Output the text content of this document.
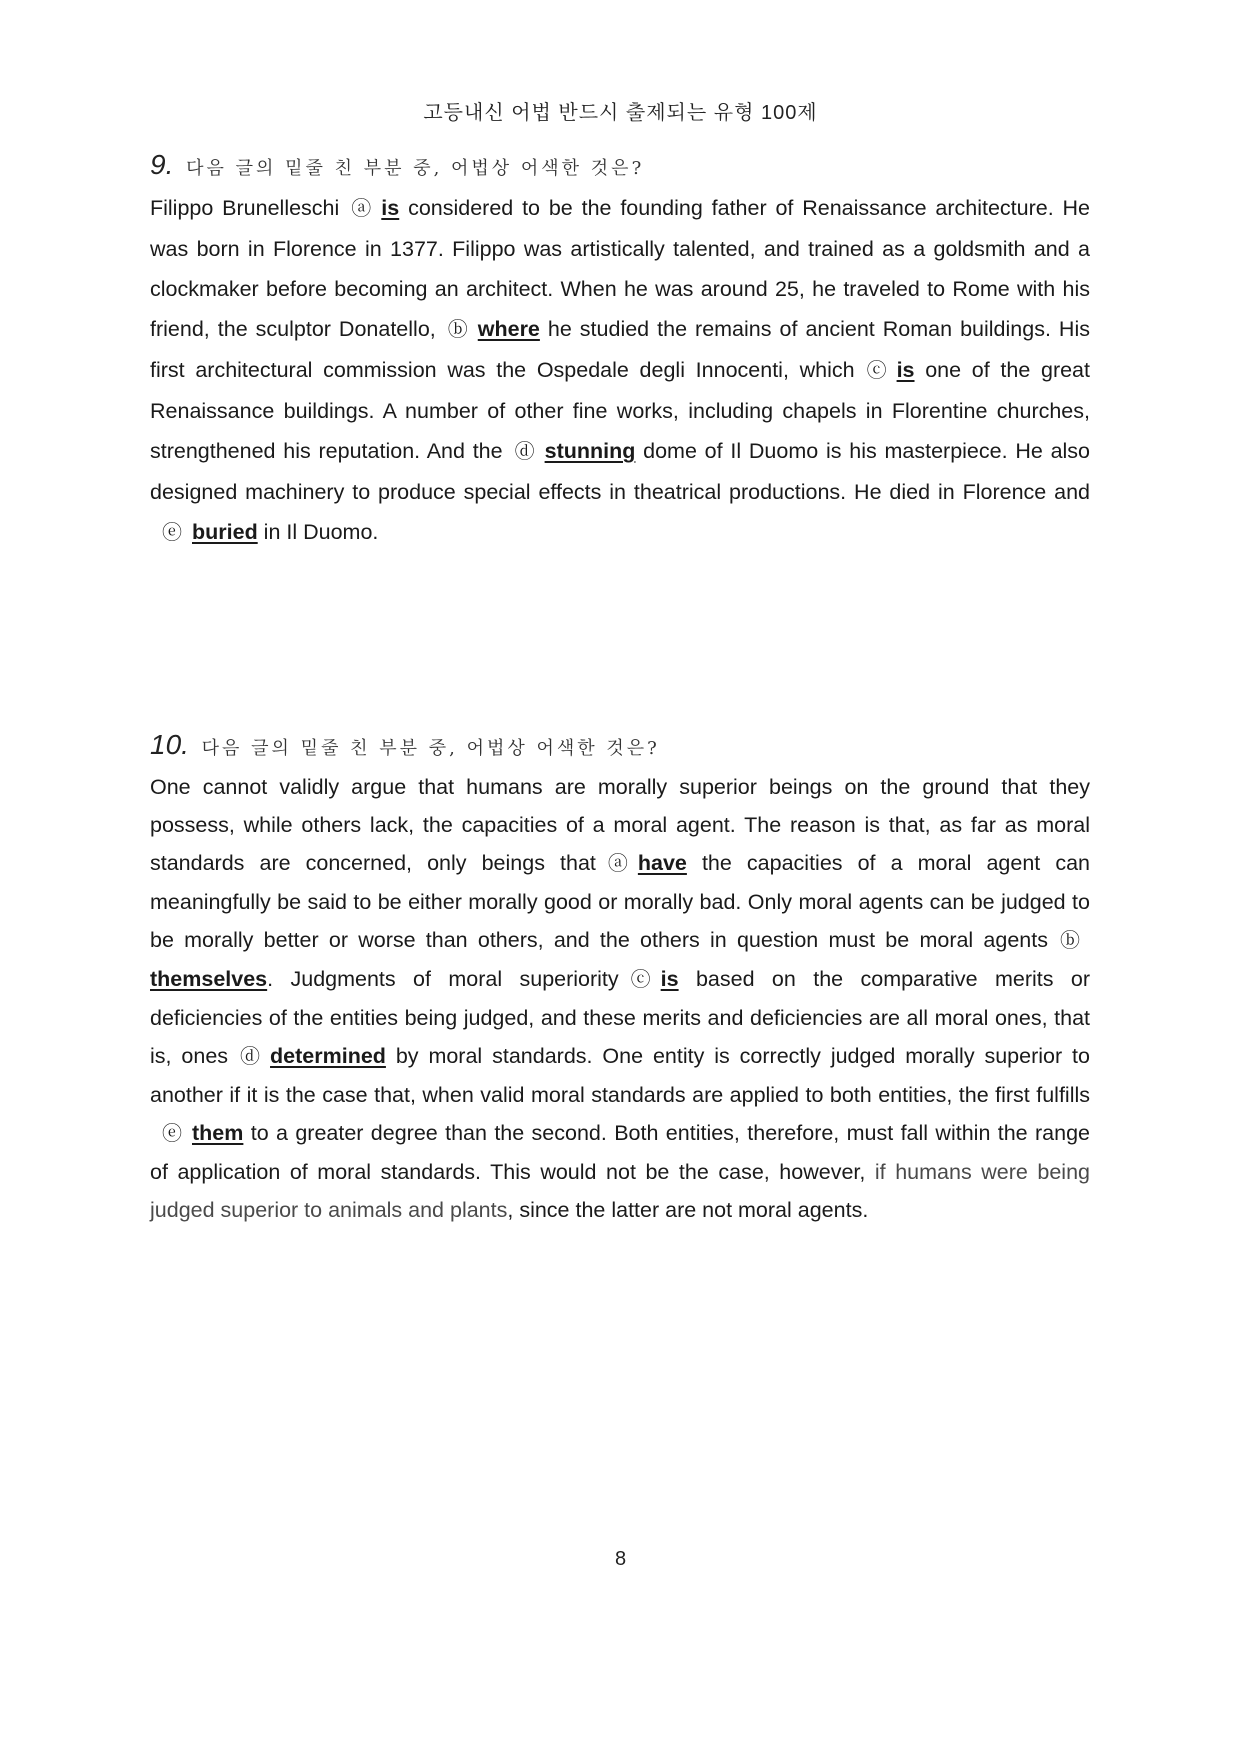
고등내신 어법 반드시 출제되는 유형 100제
9. 다음 글의 밑줄 친 부분 중, 어법상 어색한 것은?

Filippo Brunelleschi ⓐ is considered to be the founding father of Renaissance architecture. He was born in Florence in 1377. Filippo was artistically talented, and trained as a goldsmith and a clockmaker before becoming an architect. When he was around 25, he traveled to Rome with his friend, the sculptor Donatello, ⓑ where he studied the remains of ancient Roman buildings. His first architectural commission was the Ospedale degli Innocenti, which ⓒ is one of the great Renaissance buildings. A number of other fine works, including chapels in Florentine churches, strengthened his reputation. And the ⓓ stunning dome of Il Duomo is his masterpiece. He also designed machinery to produce special effects in theatrical productions. He died in Florence andⓔ buried in Il Duomo.

10. 다음 글의 밑줄 친 부분 중, 어법상 어색한 것은?

One cannot validly argue that humans are morally superior beings on the ground that they possess, while others lack, the capacities of a moral agent. The reason is that, as far as moral standards are concerned, only beings that ⓐ have the capacities of a moral agent can meaningfully be said to be either morally good or morally bad. Only moral agents can be judged to be morally better or worse than others, and the others in question must be moral agents ⓑthemselves. Judgments of moral superiority ⓒ is based on the comparative merits or deficiencies of the entities being judged, and these merits and deficiencies are all moral ones, that is, ones ⓓ determined by moral standards. One entity is correctly judged morally superior to another if it is the case that, when valid moral standards are applied to both entities, the first fulfillsⓔ them to a greater degree than the second. Both entities, therefore, must fall within the range of application of moral standards. This would not be the case, however, if humans were being judged superior to animals and plants, since the latter are not moral agents.

8
